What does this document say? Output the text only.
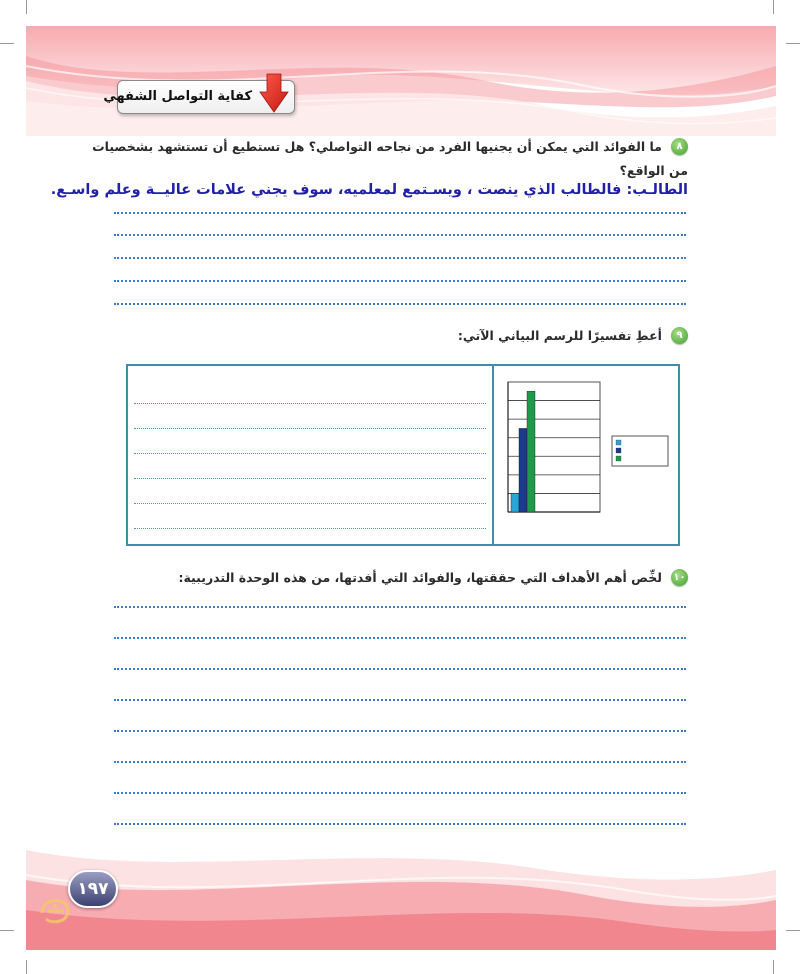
كفاية التواصل الشفهي
٨ ما الفوائد التي يمكن أن يجنيها الفرد من نجاحه التواصلي؟ هل تستطيع أن تستشهد بشخصيات
من الواقع؟
الطالـب: فالطالب الذي ينصت ، ويسـتمع لمعلميه، سوف يجني علامات عاليــة وعلم واسـع.
٩ أعطِ تفسيرًا للرسم البياني الآتي:
١٠ لخِّص أهم الأهداف التي حققتها، والفوائد التي أفدتها، من هذه الوحدة التدريبية:
١٩٧
